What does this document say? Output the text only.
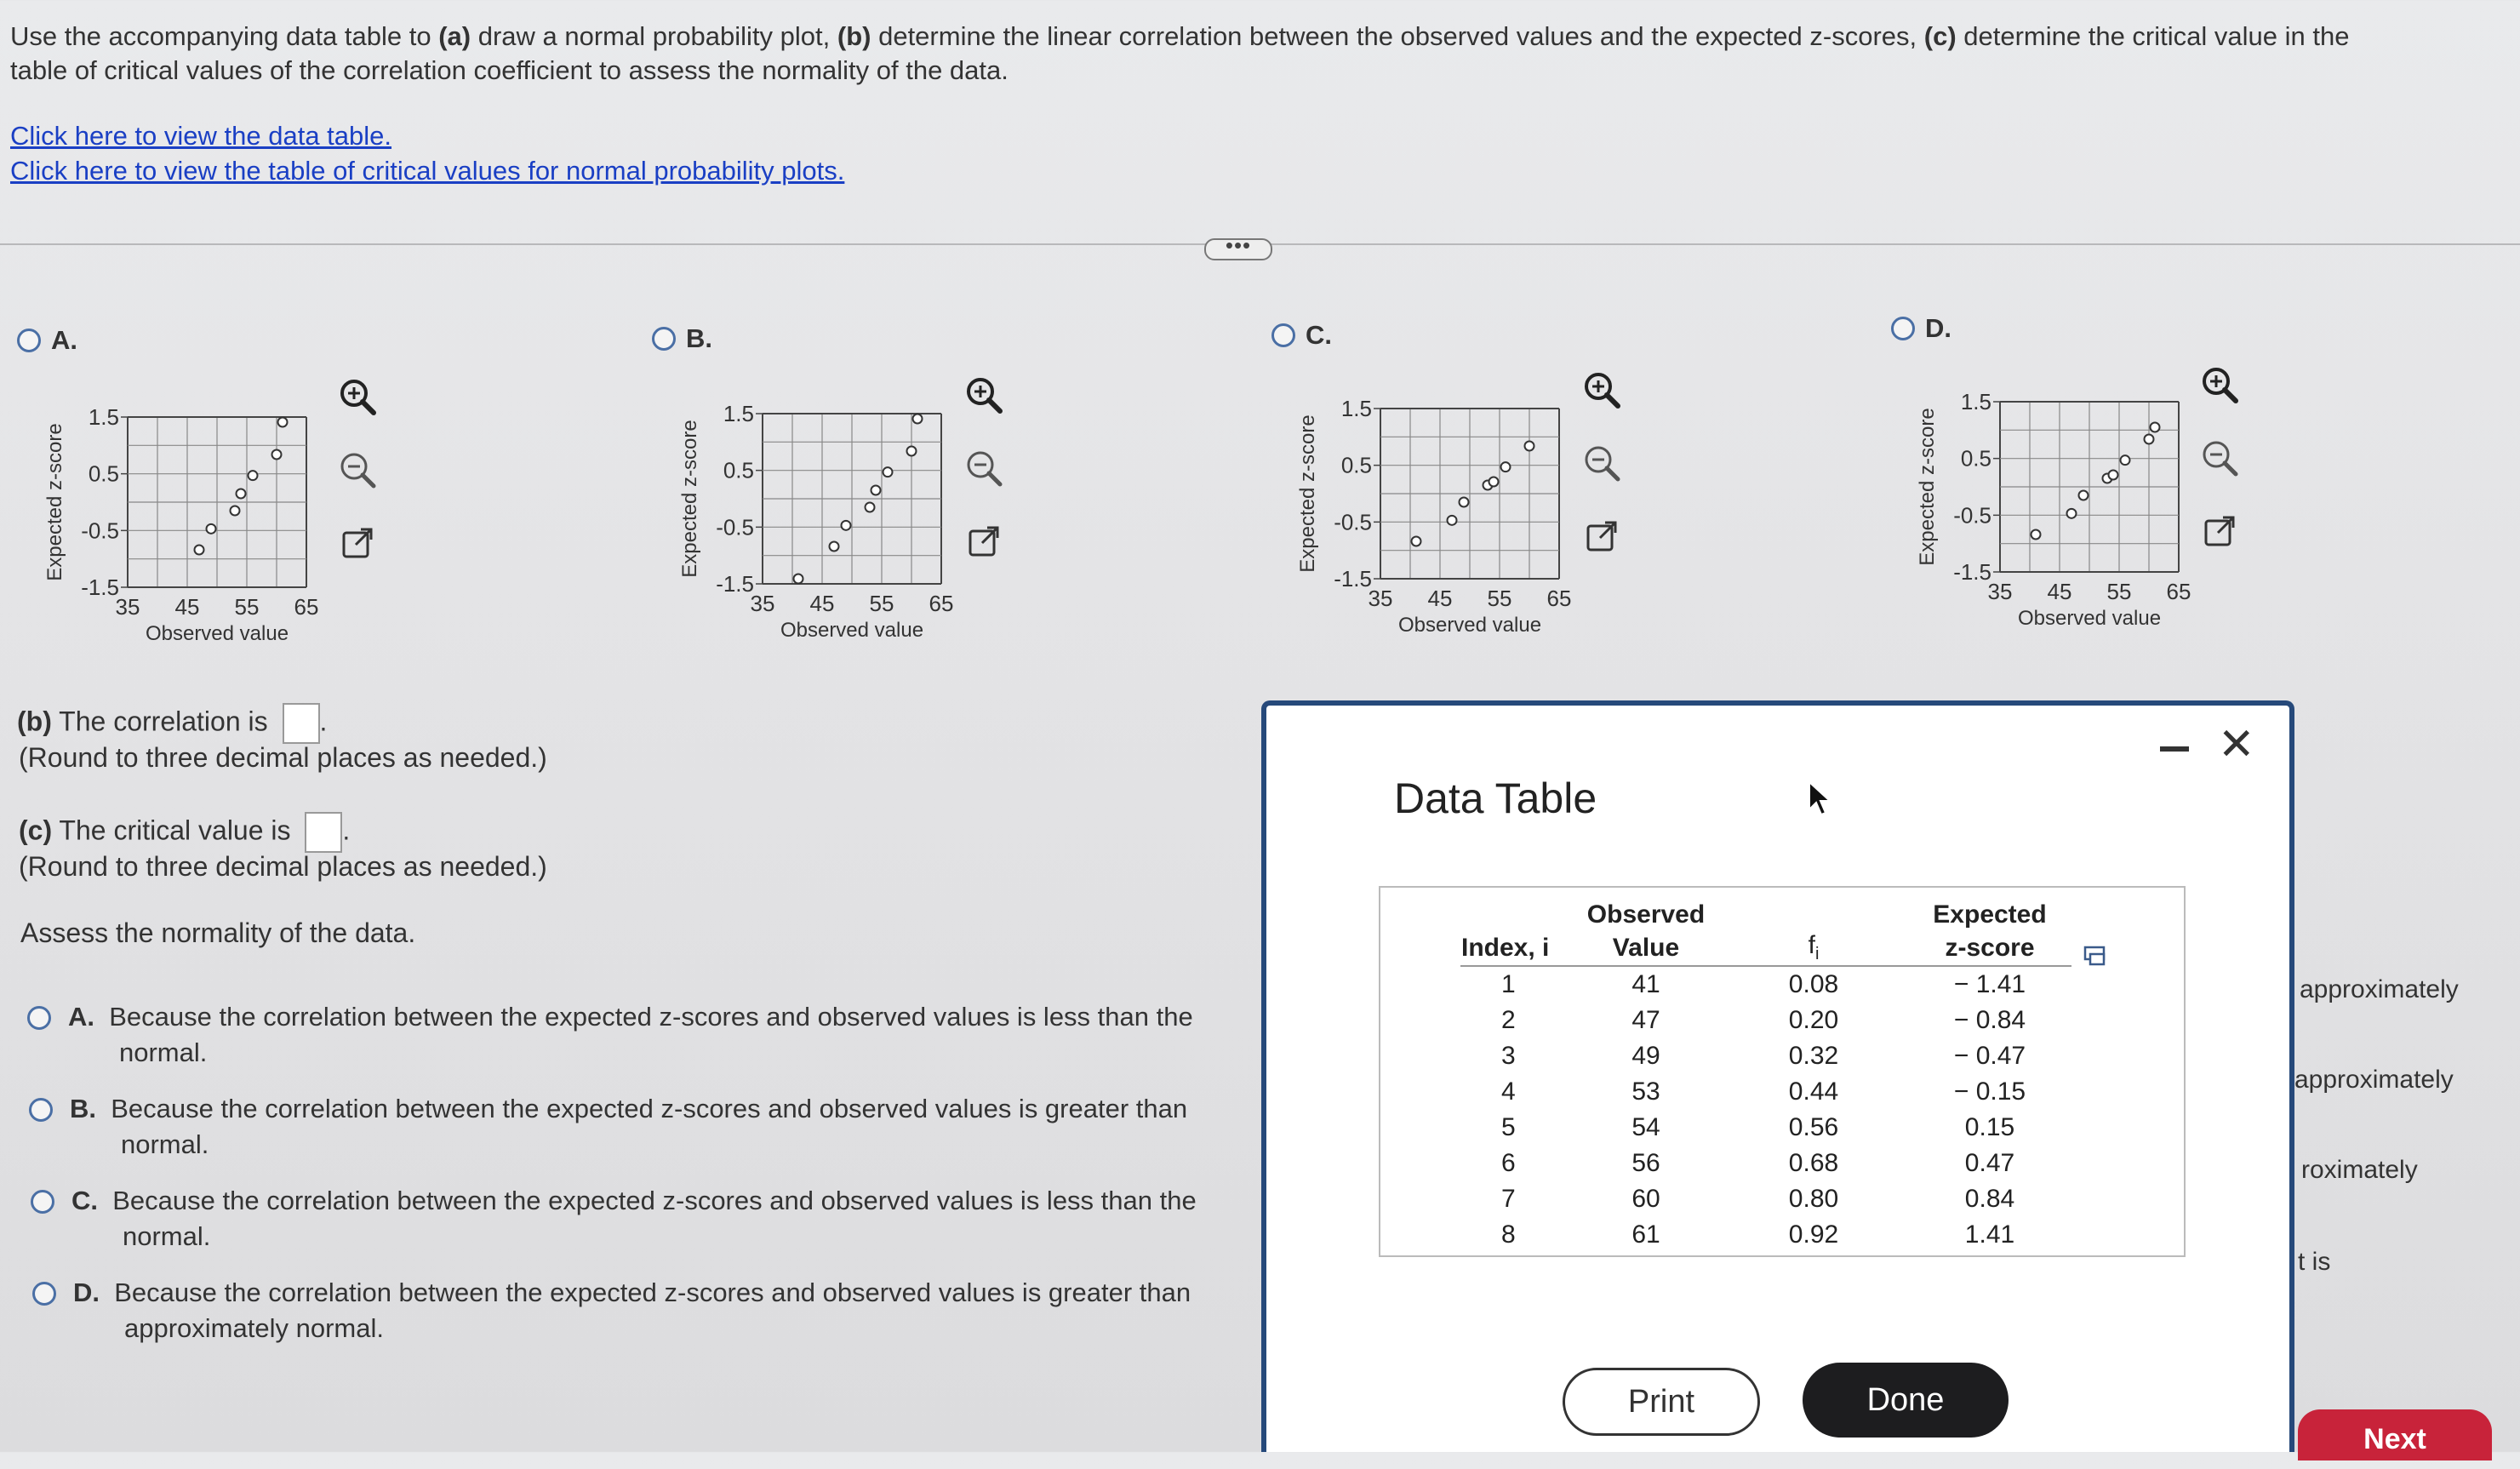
Use the accompanying data table to (a) draw a normal probability plot, (b) determine the linear correlation between the observed values and the expected z-scores, (c) determine the critical value in the
table of critical values of the correlation coefficient to assess the normality of the data.
Click here to view the data table.
Click here to view the table of critical values for normal probability plots.
•••
A.
1.5
0.5
-0.5
-1.5
35 45 55 65
Observed value
Expected z-score
B.
1.5
0.5
-0.5
-1.5
35 45 55 65
Observed value
Expected z-score
C.
1.5
0.5
-0.5
-1.5
35 45 55 65
Observed value
Expected z-score
D.
1.5
0.5
-0.5
-1.5
35 45 55 65
Observed value
Expected z-score
(b) The correlation is .
(Round to three decimal places as needed.)
(c) The critical value is .
(Round to three decimal places as needed.)
Assess the normality of the data.
A. Because the correlation between the expected z-scores and observed values is less than the
normal.
B. Because the correlation between the expected z-scores and observed values is greater than
normal.
C. Because the correlation between the expected z-scores and observed values is less than the
normal.
D. Because the correlation between the expected z-scores and observed values is greater than
approximately normal.
approximately
approximately
roximately
t is
Data Table
✕
	Observed		Expected
Index, i	Value	$f_i$	z-score
1	41	0.08	− 1.41
2	47	0.20	− 0.84
3	49	0.32	− 0.47
4	53	0.44	− 0.15
5	54	0.56	0.15
6	56	0.68	0.47
7	60	0.80	0.84
8	61	0.92	1.41
Print	Done
Next
